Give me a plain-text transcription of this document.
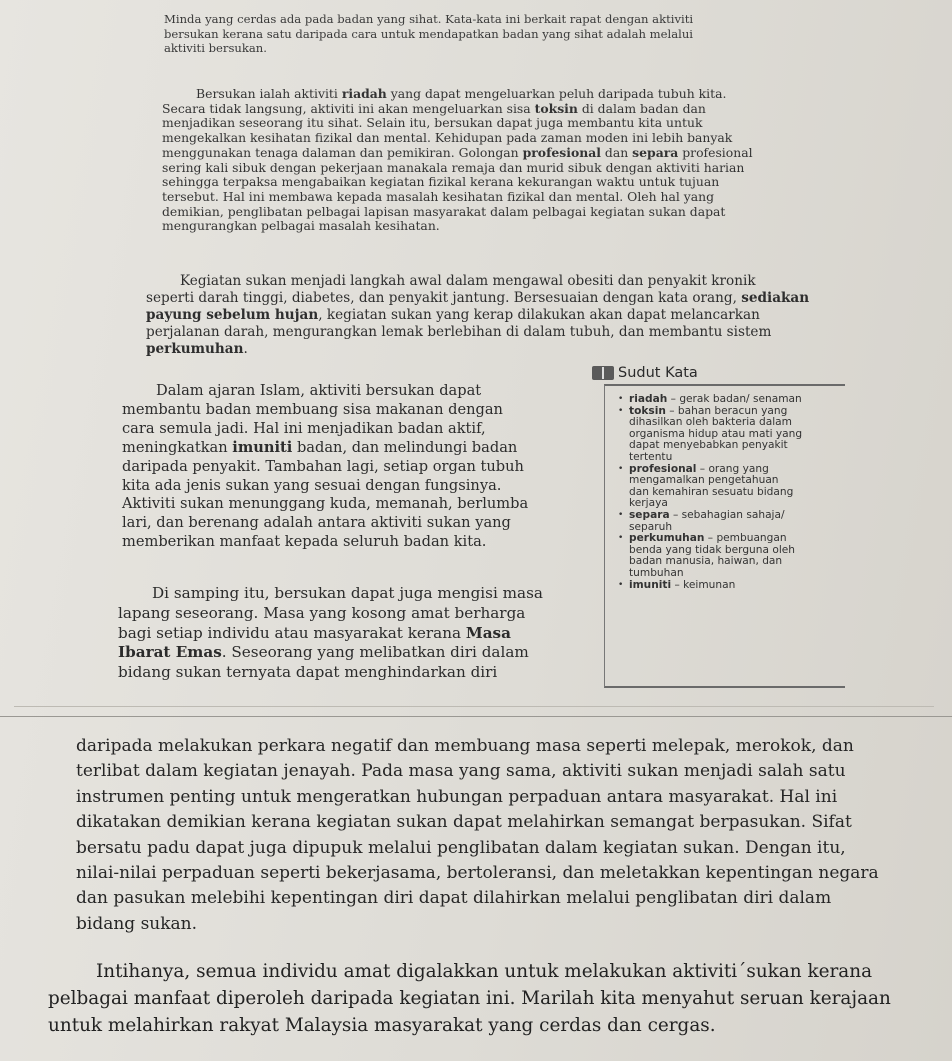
Minda yang cerdas ada pada badan yang sihat. Kata-kata ini berkait rapat dengan aktiviti
bersukan kerana satu daripada cara untuk mendapatkan badan yang sihat adalah melalui
aktiviti bersukan.
Bersukan ialah aktiviti riadah yang dapat mengeluarkan peluh daripada tubuh kita.
Secara tidak langsung, aktiviti ini akan mengeluarkan sisa toksin di dalam badan dan
menjadikan seseorang itu sihat. Selain itu, bersukan dapat juga membantu kita untuk
mengekalkan kesihatan fizikal dan mental. Kehidupan pada zaman moden ini lebih banyak
menggunakan tenaga dalaman dan pemikiran. Golongan profesional dan separa profesional
sering kali sibuk dengan pekerjaan manakala remaja dan murid sibuk dengan aktiviti harian
sehingga terpaksa mengabaikan kegiatan fizikal kerana kekurangan waktu untuk tujuan
tersebut. Hal ini membawa kepada masalah kesihatan fizikal dan mental. Oleh hal yang
demikian, penglibatan pelbagai lapisan masyarakat dalam pelbagai kegiatan sukan dapat
mengurangkan pelbagai masalah kesihatan.
Kegiatan sukan menjadi langkah awal dalam mengawal obesiti dan penyakit kronik
seperti darah tinggi, diabetes, dan penyakit jantung. Bersesuaian dengan kata orang, sediakan
payung sebelum hujan, kegiatan sukan yang kerap dilakukan akan dapat melancarkan
perjalanan darah, mengurangkan lemak berlebihan di dalam tubuh, dan membantu sistem
perkumuhan.
Dalam ajaran Islam, aktiviti bersukan dapat
membantu badan membuang sisa makanan dengan
cara semula jadi. Hal ini menjadikan badan aktif,
meningkatkan imuniti badan, dan melindungi badan
daripada penyakit. Tambahan lagi, setiap organ tubuh
kita ada jenis sukan yang sesuai dengan fungsinya.
Aktiviti sukan menunggang kuda, memanah, berlumba
lari, dan berenang adalah antara aktiviti sukan yang
memberikan manfaat kepada seluruh badan kita.
Di samping itu, bersukan dapat juga mengisi masa
lapang seseorang. Masa yang kosong amat berharga
bagi setiap individu atau masyarakat kerana Masa
Ibarat Emas. Seseorang yang melibatkan diri dalam
bidang sukan ternyata dapat menghindarkan diri
Sudut Kata
• riadah – gerak badan/ senaman
• toksin – bahan beracun yang
dihasilkan oleh bakteria dalam
organisma hidup atau mati yang
dapat menyebabkan penyakit
tertentu
• profesional – orang yang
mengamalkan pengetahuan
dan kemahiran sesuatu bidang
kerjaya
• separa – sebahagian sahaja/
separuh
• perkumuhan – pembuangan
benda yang tidak berguna oleh
badan manusia, haiwan, dan
tumbuhan
• imuniti – keimunan
daripada melakukan perkara negatif dan membuang masa seperti melepak, merokok, dan
terlibat dalam kegiatan jenayah. Pada masa yang sama, aktiviti sukan menjadi salah satu
instrumen penting untuk mengeratkan hubungan perpaduan antara masyarakat. Hal ini
dikatakan demikian kerana kegiatan sukan dapat melahirkan semangat berpasukan. Sifat
bersatu padu dapat juga dipupuk melalui penglibatan dalam kegiatan sukan. Dengan itu,
nilai-nilai perpaduan seperti bekerjasama, bertoleransi, dan meletakkan kepentingan negara
dan pasukan melebihi kepentingan diri dapat dilahirkan melalui penglibatan diri dalam
bidang sukan.
Intihanya, semua individu amat digalakkan untuk melakukan aktiviti´sukan kerana
pelbagai manfaat diperoleh daripada kegiatan ini. Marilah kita menyahut seruan kerajaan
untuk melahirkan rakyat Malaysia masyarakat yang cerdas dan cergas.
